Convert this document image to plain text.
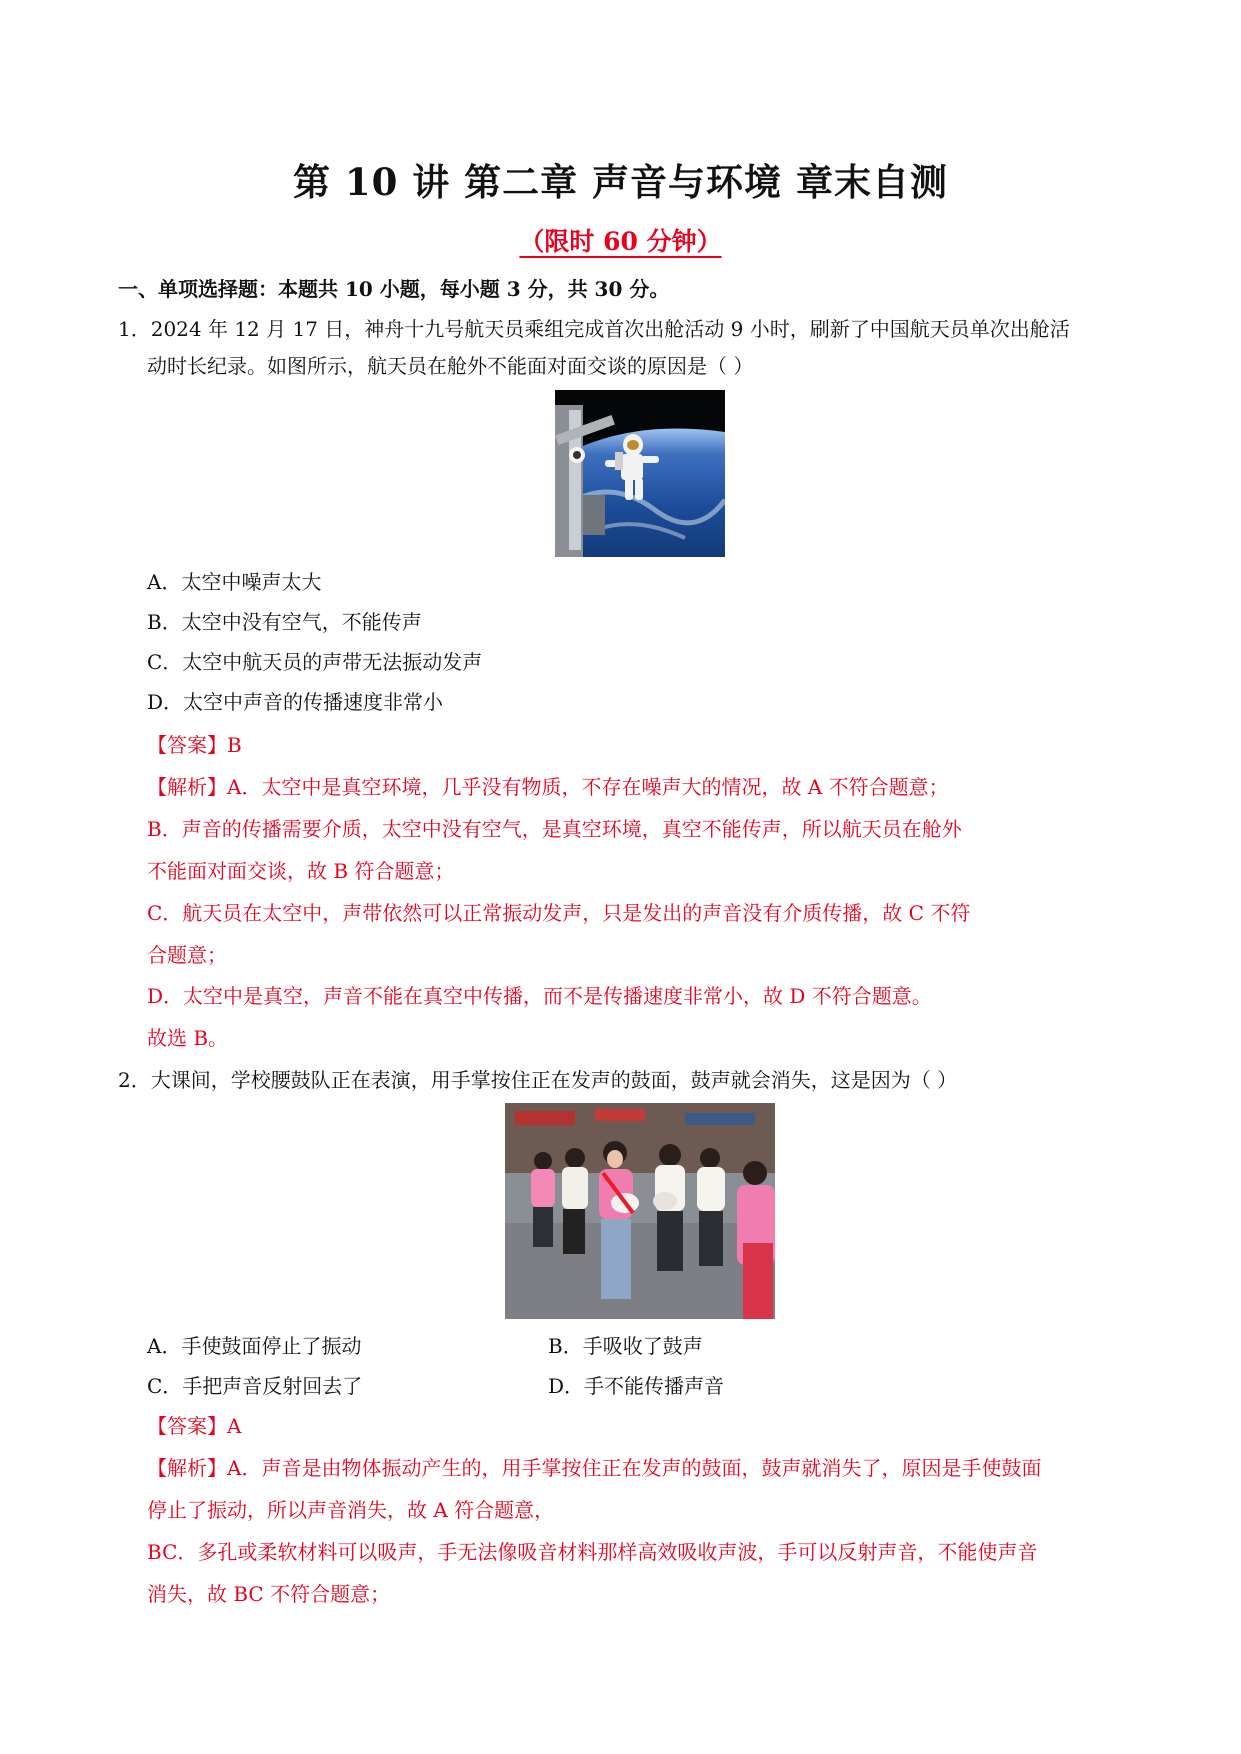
第 10 讲 第二章 声音与环境 章末自测
（限时 60 分钟）
一、单项选择题：本题共 10 小题，每小题 3 分，共 30 分。
1．2024 年 12 月 17 日，神舟十九号航天员乘组完成首次出舱活动 9 小时，刷新了中国航天员单次出舱活
动时长纪录。如图所示，航天员在舱外不能面对面交谈的原因是（ ）
A．太空中噪声太大
B．太空中没有空气，不能传声
C．太空中航天员的声带无法振动发声
D．太空中声音的传播速度非常小
【答案】B
【解析】A．太空中是真空环境，几乎没有物质，不存在噪声大的情况，故 A 不符合题意；
B．声音的传播需要介质，太空中没有空气，是真空环境，真空不能传声，所以航天员在舱外
不能面对面交谈，故 B 符合题意；
C．航天员在太空中，声带依然可以正常振动发声，只是发出的声音没有介质传播，故 C 不符
合题意；
D．太空中是真空，声音不能在真空中传播，而不是传播速度非常小，故 D 不符合题意。
故选 B。
2．大课间，学校腰鼓队正在表演，用手掌按住正在发声的鼓面，鼓声就会消失，这是因为（ ）
A．手使鼓面停止了振动	B．手吸收了鼓声
C．手把声音反射回去了	D．手不能传播声音
【答案】A
【解析】A．声音是由物体振动产生的，用手掌按住正在发声的鼓面，鼓声就消失了，原因是手使鼓面
停止了振动，所以声音消失，故 A 符合题意，
BC．多孔或柔软材料可以吸声，手无法像吸音材料那样高效吸收声波，手可以反射声音，不能使声音
消失，故 BC 不符合题意；
